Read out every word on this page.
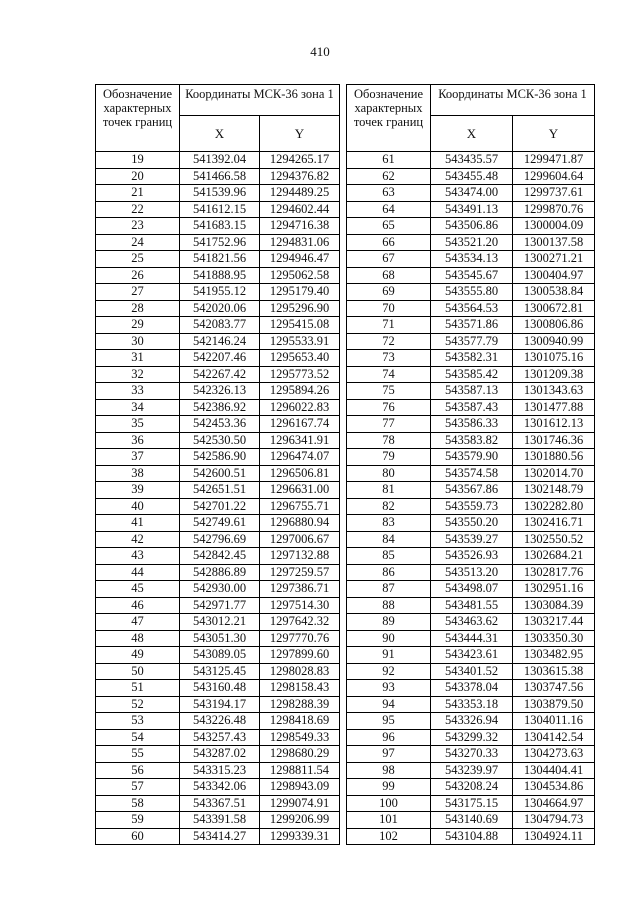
410
Обозначение характерных точек границ	Координаты МСК-36 зона 1	
	X	Y
19	541392.04	1294265.17
20	541466.58	1294376.82
21	541539.96	1294489.25
22	541612.15	1294602.44
23	541683.15	1294716.38
24	541752.96	1294831.06
25	541821.56	1294946.47
26	541888.95	1295062.58
27	541955.12	1295179.40
28	542020.06	1295296.90
29	542083.77	1295415.08
30	542146.24	1295533.91
31	542207.46	1295653.40
32	542267.42	1295773.52
33	542326.13	1295894.26
34	542386.92	1296022.83
35	542453.36	1296167.74
36	542530.50	1296341.91
37	542586.90	1296474.07
38	542600.51	1296506.81
39	542651.51	1296631.00
40	542701.22	1296755.71
41	542749.61	1296880.94
42	542796.69	1297006.67
43	542842.45	1297132.88
44	542886.89	1297259.57
45	542930.00	1297386.71
46	542971.77	1297514.30
47	543012.21	1297642.32
48	543051.30	1297770.76
49	543089.05	1297899.60
50	543125.45	1298028.83
51	543160.48	1298158.43
52	543194.17	1298288.39
53	543226.48	1298418.69
54	543257.43	1298549.33
55	543287.02	1298680.29
56	543315.23	1298811.54
57	543342.06	1298943.09
58	543367.51	1299074.91
59	543391.58	1299206.99
60	543414.27	1299339.31
Обозначение характерных точек границ	Координаты МСК-36 зона 1	
	X	Y
61	543435.57	1299471.87
62	543455.48	1299604.64
63	543474.00	1299737.61
64	543491.13	1299870.76
65	543506.86	1300004.09
66	543521.20	1300137.58
67	543534.13	1300271.21
68	543545.67	1300404.97
69	543555.80	1300538.84
70	543564.53	1300672.81
71	543571.86	1300806.86
72	543577.79	1300940.99
73	543582.31	1301075.16
74	543585.42	1301209.38
75	543587.13	1301343.63
76	543587.43	1301477.88
77	543586.33	1301612.13
78	543583.82	1301746.36
79	543579.90	1301880.56
80	543574.58	1302014.70
81	543567.86	1302148.79
82	543559.73	1302282.80
83	543550.20	1302416.71
84	543539.27	1302550.52
85	543526.93	1302684.21
86	543513.20	1302817.76
87	543498.07	1302951.16
88	543481.55	1303084.39
89	543463.62	1303217.44
90	543444.31	1303350.30
91	543423.61	1303482.95
92	543401.52	1303615.38
93	543378.04	1303747.56
94	543353.18	1303879.50
95	543326.94	1304011.16
96	543299.32	1304142.54
97	543270.33	1304273.63
98	543239.97	1304404.41
99	543208.24	1304534.86
100	543175.15	1304664.97
101	543140.69	1304794.73
102	543104.88	1304924.11
